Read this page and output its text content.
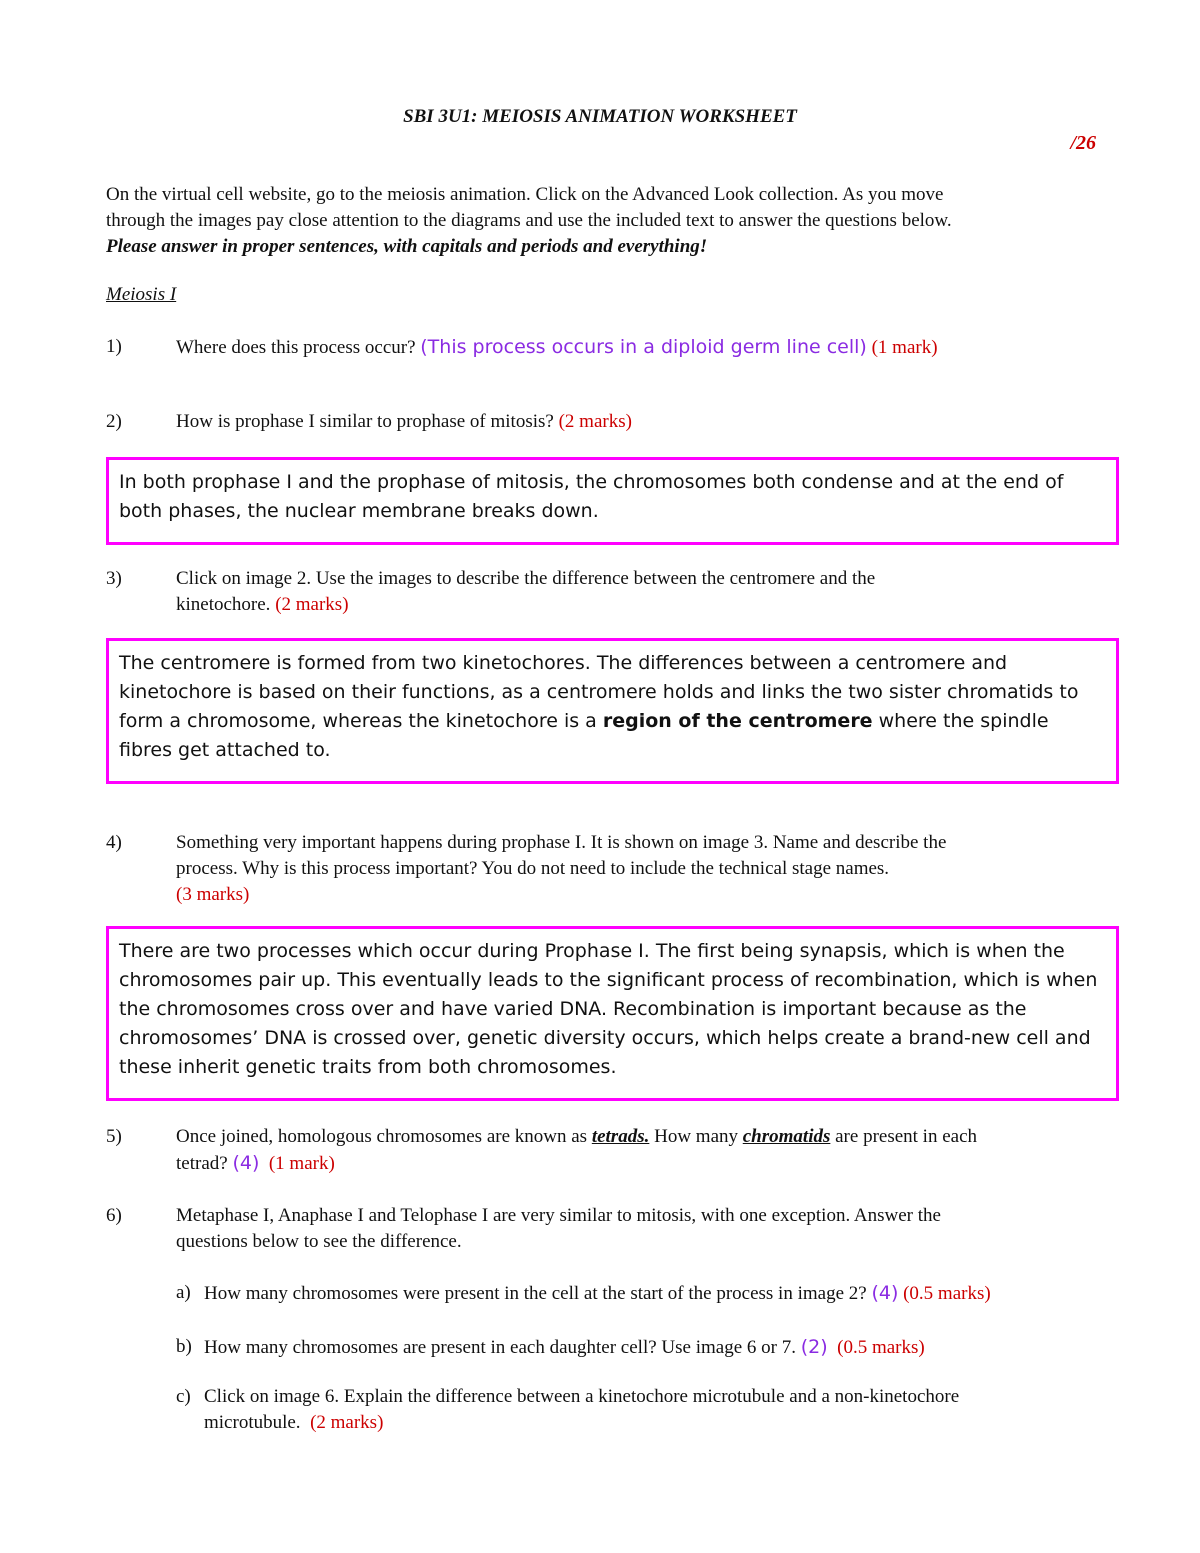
SBI 3U1: MEIOSIS ANIMATION WORKSHEET
/26
On the virtual cell website, go to the meiosis animation. Click on the Advanced Look collection. As you move
through the images pay close attention to the diagrams and use the included text to answer the questions below.
Please answer in proper sentences, with capitals and periods and everything!
Meiosis I
1)	Where does this process occur? (This process occurs in a diploid germ line cell) (1 mark)
2)	How is prophase I similar to prophase of mitosis? (2 marks)

In both prophase I and the prophase of mitosis, the chromosomes both condense and at the end of both phases, the nuclear membrane breaks down.

3)	Click on image 2. Use the images to describe the difference between the centromere and the
kinetochore. (2 marks)

The centromere is formed from two kinetochores. The differences between a centromere and kinetochore is based on their functions, as a centromere holds and links the two sister chromatids to form a chromosome, whereas the kinetochore is a region of the centromere where the spindle fibres get attached to.

4)	Something very important happens during prophase I. It is shown on image 3. Name and describe the
process. Why is this process important? You do not need to include the technical stage names.
(3 marks)

There are two processes which occur during Prophase I. The first being synapsis, which is when the chromosomes pair up. This eventually leads to the significant process of recombination, which is when the chromosomes cross over and have varied DNA. Recombination is important because as the chromosomes’ DNA is crossed over, genetic diversity occurs, which helps create a brand-new cell and these inherit genetic traits from both chromosomes.

5)	Once joined, homologous chromosomes are known as tetrads. How many chromatids are present in each
tetrad? (4) (1 mark)
6)	Metaphase I, Anaphase I and Telophase I are very similar to mitosis, with one exception. Answer the
questions below to see the difference.
a) How many chromosomes were present in the cell at the start of the process in image 2? (4) (0.5 marks)
b) How many chromosomes are present in each daughter cell? Use image 6 or 7. (2) (0.5 marks)
c) Click on image 6. Explain the difference between a kinetochore microtubule and a non-kinetochore
microtubule.  (2 marks)
